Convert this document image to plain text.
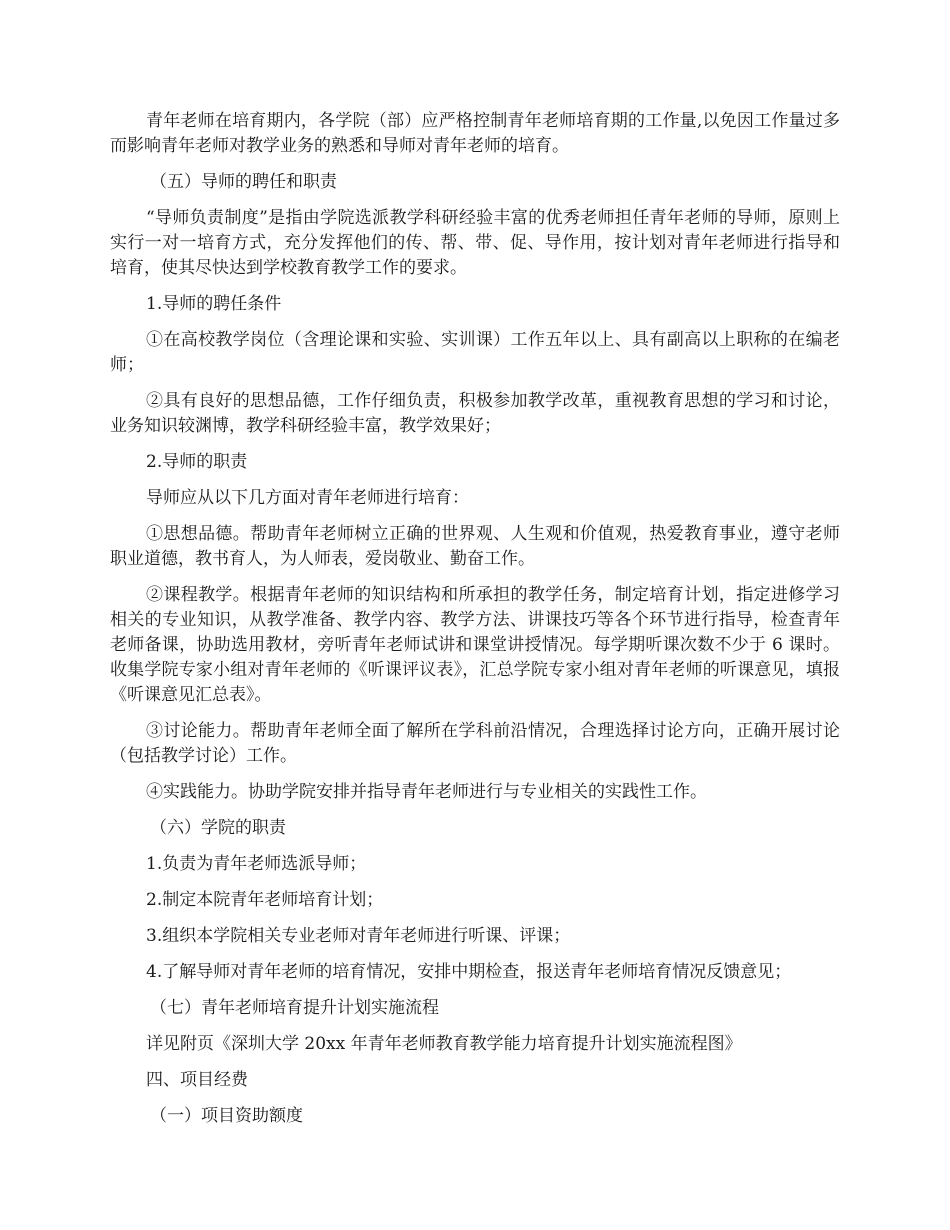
青年老师在培育期内，各学院（部）应严格控制青年老师培育期的工作量,以免因工作量过多而影响青年老师对教学业务的熟悉和导师对青年老师的培育。

（五）导师的聘任和职责

“导师负责制度”是指由学院选派教学科研经验丰富的优秀老师担任青年老师的导师，原则上实行一对一培育方式，充分发挥他们的传、帮、带、促、导作用，按计划对青年老师进行指导和培育，使其尽快达到学校教育教学工作的要求。

1.导师的聘任条件

①在高校教学岗位（含理论课和实验、实训课）工作五年以上、具有副高以上职称的在编老师；

②具有良好的思想品德，工作仔细负责，积极参加教学改革，重视教育思想的学习和讨论，业务知识较渊博，教学科研经验丰富，教学效果好；

2.导师的职责

导师应从以下几方面对青年老师进行培育：

①思想品德。帮助青年老师树立正确的世界观、人生观和价值观，热爱教育事业，遵守老师职业道德，教书育人，为人师表，爱岗敬业、勤奋工作。

②课程教学。根据青年老师的知识结构和所承担的教学任务，制定培育计划，指定进修学习相关的专业知识，从教学准备、教学内容、教学方法、讲课技巧等各个环节进行指导，检查青年老师备课，协助选用教材，旁听青年老师试讲和课堂讲授情况。每学期听课次数不少于 6 课时。收集学院专家小组对青年老师的《听课评议表》，汇总学院专家小组对青年老师的听课意见，填报《听课意见汇总表》。

③讨论能力。帮助青年老师全面了解所在学科前沿情况，合理选择讨论方向，正确开展讨论（包括教学讨论）工作。

④实践能力。协助学院安排并指导青年老师进行与专业相关的实践性工作。

（六）学院的职责

1.负责为青年老师选派导师；

2.制定本院青年老师培育计划；

3.组织本学院相关专业老师对青年老师进行听课、评课；

4.了解导师对青年老师的培育情况，安排中期检查，报送青年老师培育情况反馈意见；

（七）青年老师培育提升计划实施流程

详见附页《深圳大学 20xx 年青年老师教育教学能力培育提升计划实施流程图》

四、项目经费

（一）项目资助额度
